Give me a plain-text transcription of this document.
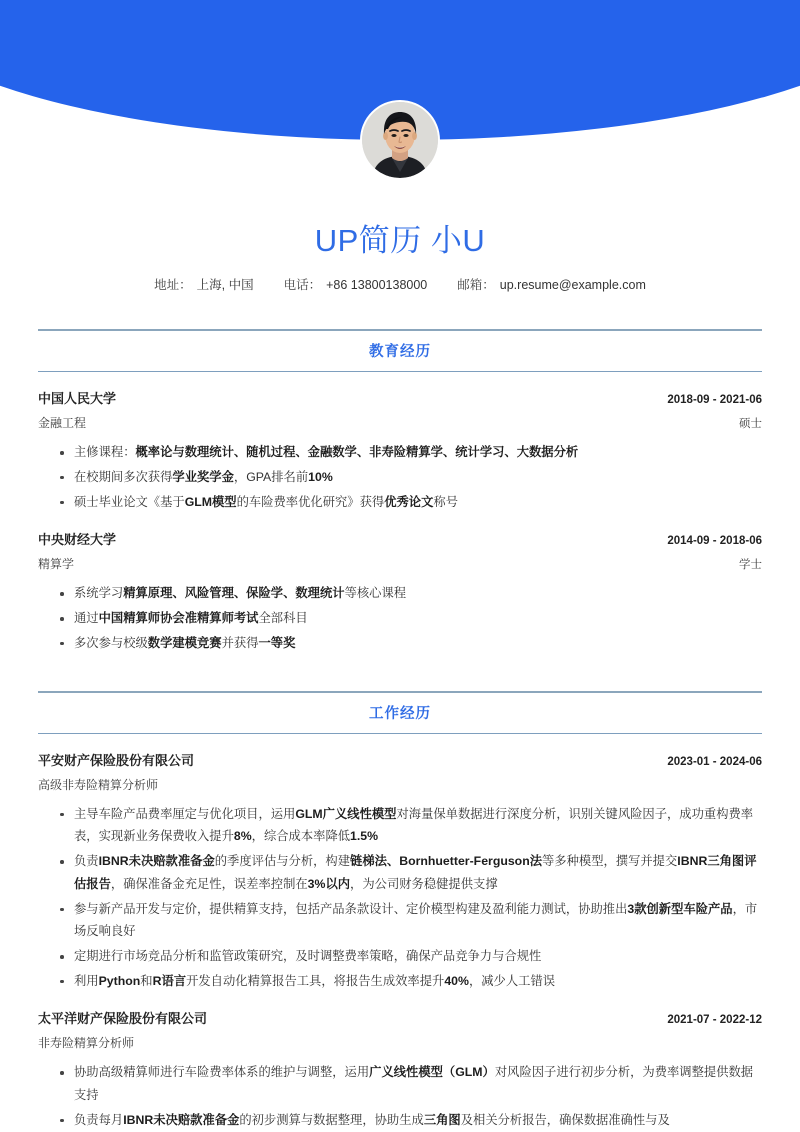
UP简历 小U
地址： 上海, 中国 电话： +86 13800138000 邮箱： up.resume@example.com
教育经历
中国人民大学	2018-09 - 2021-06
金融工程	硕士
主修课程：概率论与数理统计、随机过程、金融数学、非寿险精算学、统计学习、大数据分析
在校期间多次获得学业奖学金，GPA排名前10%
硕士毕业论文《基于GLM模型的车险费率优化研究》获得优秀论文称号
中央财经大学	2014-09 - 2018-06
精算学	学士
系统学习精算原理、风险管理、保险学、数理统计等核心课程
通过中国精算师协会准精算师考试全部科目
多次参与校级数学建模竞赛并获得一等奖
工作经历
平安财产保险股份有限公司	2023-01 - 2024-06
高级非寿险精算分析师
主导车险产品费率厘定与优化项目，运用GLM广义线性模型对海量保单数据进行深度分析，识别关键风险因子，成功重构费率表，实现新业务保费收入提升8%，综合成本率降低1.5%
负责IBNR未决赔款准备金的季度评估与分析，构建链梯法、Bornhuetter-Ferguson法等多种模型，撰写并提交IBNR三角图评估报告，确保准备金充足性，误差率控制在3%以内，为公司财务稳健提供支撑
参与新产品开发与定价，提供精算支持，包括产品条款设计、定价模型构建及盈利能力测试，协助推出3款创新型车险产品，市场反响良好
定期进行市场竞品分析和监管政策研究，及时调整费率策略，确保产品竞争力与合规性
利用Python和R语言开发自动化精算报告工具，将报告生成效率提升40%，减少人工错误
太平洋财产保险股份有限公司	2021-07 - 2022-12
非寿险精算分析师
协助高级精算师进行车险费率体系的维护与调整，运用广义线性模型（GLM）对风险因子进行初步分析，为费率调整提供数据支持
负责每月IBNR未决赔款准备金的初步测算与数据整理，协助生成三角图及相关分析报告，确保数据准确性与及
